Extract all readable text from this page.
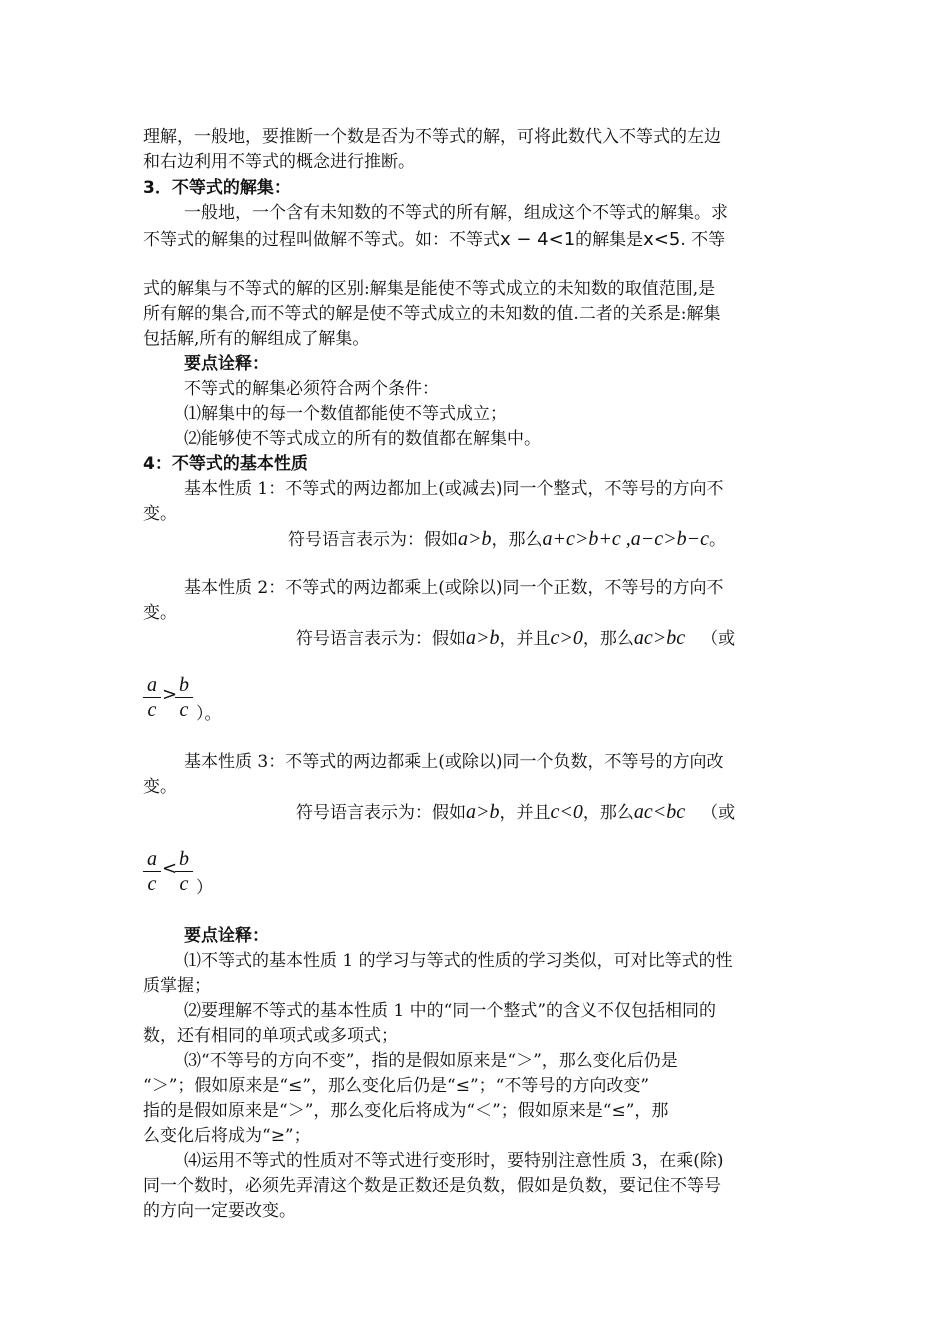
理解，一般地，要推断一个数是否为不等式的解，可将此数代入不等式的左边
和右边利用不等式的概念进行推断。
3．不等式的解集：
一般地，一个含有未知数的不等式的所有解，组成这个不等式的解集。求
不等式的解集的过程叫做解不等式。如：不等式x − 4<1的解集是x<5. 不等
式的解集与不等式的解的区别:解集是能使不等式成立的未知数的取值范围,是
所有解的集合,而不等式的解是使不等式成立的未知数的值.二者的关系是:解集
包括解,所有的解组成了解集。
要点诠释：
不等式的解集必须符合两个条件：
⑴解集中的每一个数值都能使不等式成立；
⑵能够使不等式成立的所有的数值都在解集中。
4：不等式的基本性质
基本性质 1：不等式的两边都加上(或减去)同一个整式，不等号的方向不
变。
符号语言表示为：假如a>b，那么a+c>b+c ,a−c>b−c。
基本性质 2：不等式的两边都乘上(或除以)同一个正数，不等号的方向不
变。
符号语言表示为：假如a>b，并且c>0，那么ac>bc （或
a
c
> b
c ）。
基本性质 3：不等式的两边都乘上(或除以)同一个负数，不等号的方向改
变。
符号语言表示为：假如a>b，并且c<0，那么ac<bc （或
a
c
< b
c ）
要点诠释：
⑴不等式的基本性质 1 的学习与等式的性质的学习类似，可对比等式的性
质掌握；
⑵要理解不等式的基本性质 1 中的“同一个整式”的含义不仅包括相同的
数，还有相同的单项式或多项式；
⑶“不等号的方向不变”，指的是假如原来是“＞”，那么变化后仍是
“＞”；假如原来是“≤”，那么变化后仍是“≤”；“不等号的方向改变”
指的是假如原来是“＞”，那么变化后将成为“＜”；假如原来是“≤”，那
么变化后将成为“≥”；
⑷运用不等式的性质对不等式进行变形时，要特别注意性质 3，在乘(除)
同一个数时，必须先弄清这个数是正数还是负数，假如是负数，要记住不等号
的方向一定要改变。
